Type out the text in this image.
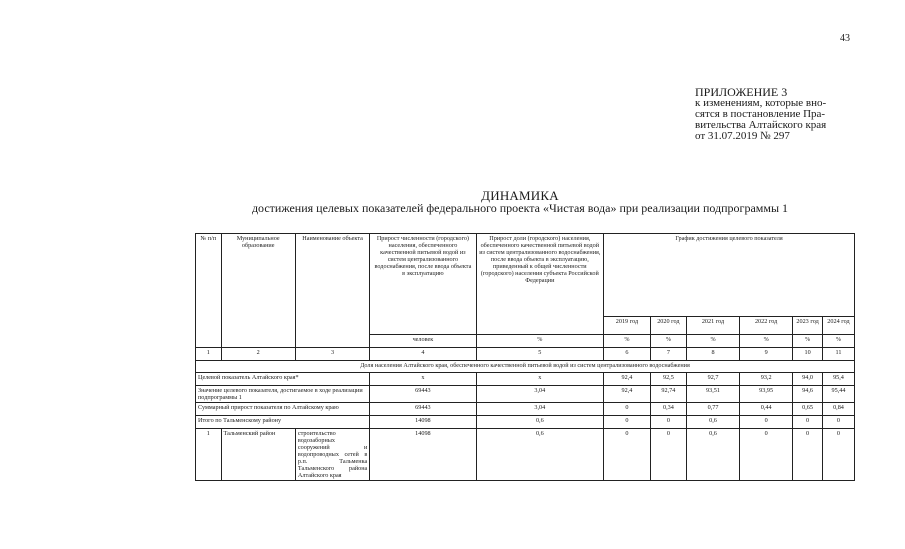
43
ПРИЛОЖЕНИЕ 3
к изменениям, которые вно-
сятся в постановление Пра-
вительства Алтайского края
от 31.07.2019 № 297
ДИНАМИКА
достижения целевых показателей федерального проекта «Чистая вода» при реализации подпрограммы 1
№ п/п	Муниципальное образование	Наименование объекта	Прирост численности (городского) населения, обеспеченного качественной питьевой водой из систем централизованного водоснабжения, после ввода объекта в эксплуатацию	Прирост доли (городского) населения, обеспеченного качественной питьевой водой из систем централизованного водоснабжения, после ввода объекта в эксплуатацию, приведенный к общей численности (городского) населения субъекта Российской Федерации	График достижения целевого показателя					
					2019 год	2020 год	2021 год	2022 год	2023 год	2024 год
			человек	%	%	%	%	%	%	%
1	2	3	4	5	6	7	8	9	10	11
Доля населения Алтайского края, обеспеченного качественной питьевой водой из систем централизованного водоснабжения										
Целевой показатель Алтайского края*			х	х	92,4	92,5	92,7	93,2	94,0	95,4
Значение целевого показателя, достигаемое в ходе реализации подпрограммы 1			69443	3,04	92,4	92,74	93,51	93,95	94,6	95,44
Суммарный прирост показателя по Алтайскому краю			69443	3,04	0	0,34	0,77	0,44	0,65	0,84
Итого по Тальменскому району			14098	0,6	0	0	0,6	0	0	0
1	Тальменский район	строительство водозаборных сооружений и водопроводных сетей в р.п. Тальменка Тальменского района Алтайского края	14098	0,6	0	0	0,6	0	0	0
